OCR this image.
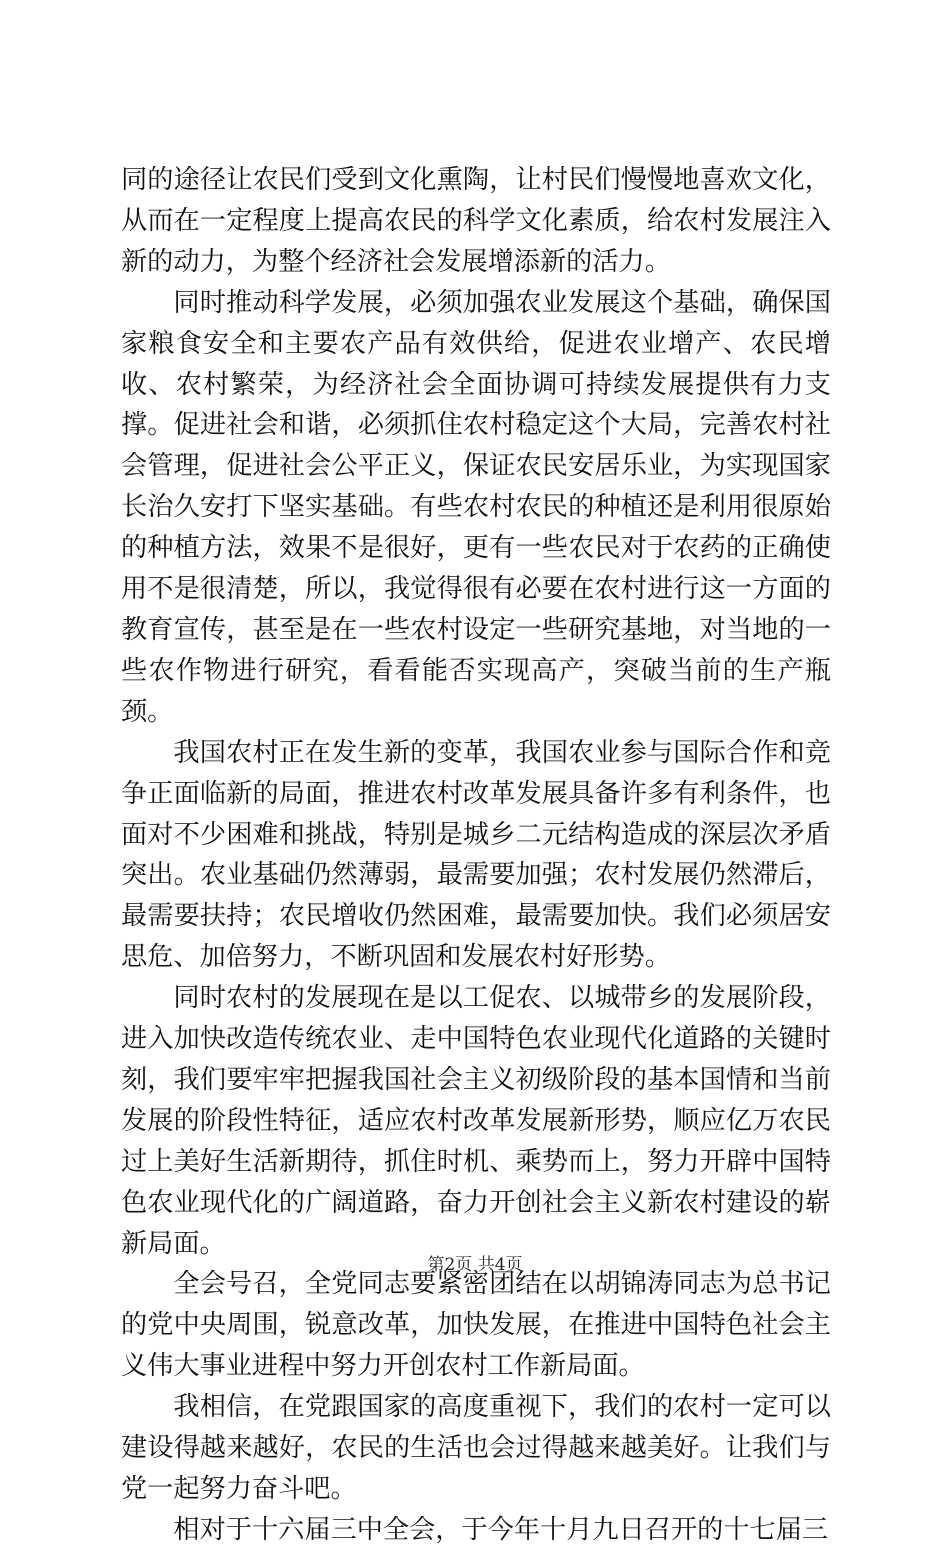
同的途径让农民们受到文化熏陶，让村民们慢慢地喜欢文化，从而在一定程度上提高农民的科学文化素质，给农村发展注入新的动力，为整个经济社会发展增添新的活力。

同时推动科学发展，必须加强农业发展这个基础，确保国家粮食安全和主要农产品有效供给，促进农业增产、农民增收、农村繁荣，为经济社会全面协调可持续发展提供有力支撑。促进社会和谐，必须抓住农村稳定这个大局，完善农村社会管理，促进社会公平正义，保证农民安居乐业，为实现国家长治久安打下坚实基础。有些农村农民的种植还是利用很原始的种植方法，效果不是很好，更有一些农民对于农药的正确使用不是很清楚，所以，我觉得很有必要在农村进行这一方面的教育宣传，甚至是在一些农村设定一些研究基地，对当地的一些农作物进行研究，看看能否实现高产，突破当前的生产瓶颈。

我国农村正在发生新的变革，我国农业参与国际合作和竞争正面临新的局面，推进农村改革发展具备许多有利条件，也面对不少困难和挑战，特别是城乡二元结构造成的深层次矛盾突出。农业基础仍然薄弱，最需要加强；农村发展仍然滞后，最需要扶持；农民增收仍然困难，最需要加快。我们必须居安思危、加倍努力，不断巩固和发展农村好形势。

同时农村的发展现在是以工促农、以城带乡的发展阶段，进入加快改造传统农业、走中国特色农业现代化道路的关键时刻，我们要牢牢把握我国社会主义初级阶段的基本国情和当前发展的阶段性特征，适应农村改革发展新形势，顺应亿万农民过上美好生活新期待，抓住时机、乘势而上，努力开辟中国特色农业现代化的广阔道路，奋力开创社会主义新农村建设的崭新局面。

全会号召，全党同志要紧密团结在以胡锦涛同志为总书记的党中央周围，锐意改革，加快发展，在推进中国特色社会主义伟大事业进程中努力开创农村工作新局面。

我相信，在党跟国家的高度重视下，我们的农村一定可以建设得越来越好，农民的生活也会过得越来越美好。让我们与党一起努力奋斗吧。

相对于十六届三中全会，于今年十月九日召开的十七届三

第2页 共4页
